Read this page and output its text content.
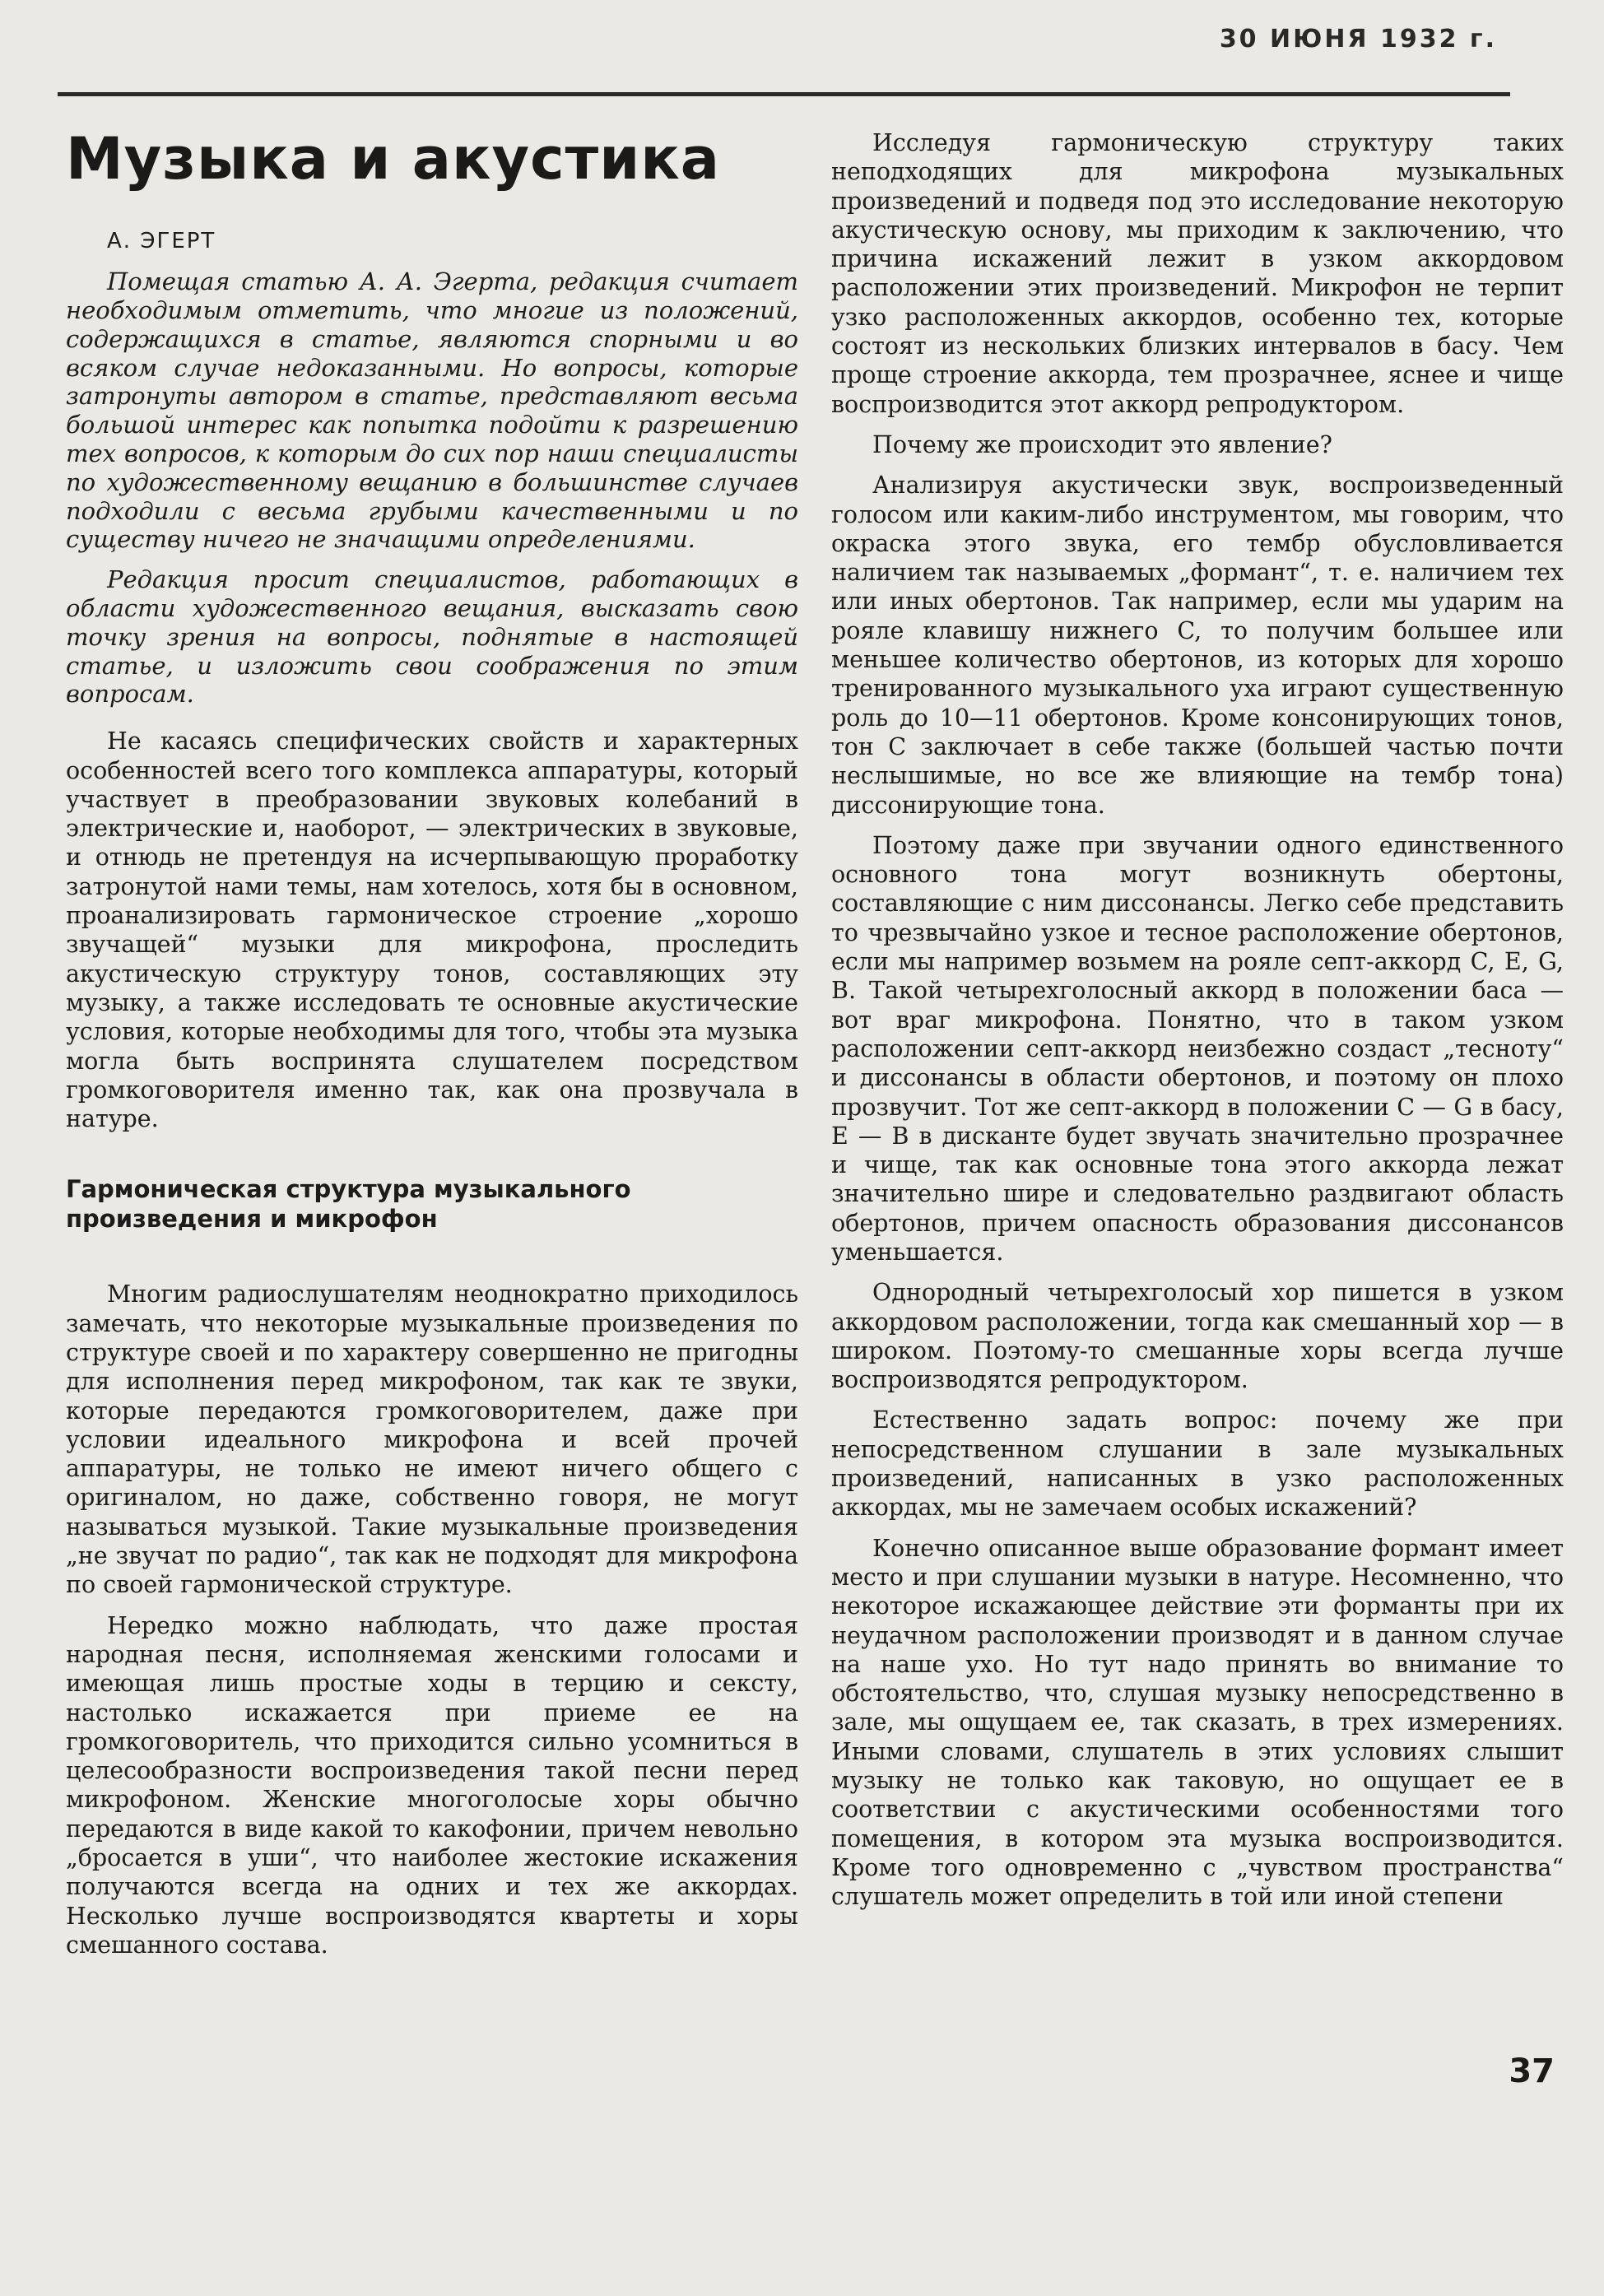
30 ИЮНЯ 1932 г.
Музыка и акустика

А. ЭГЕРТ

Помещая статью А. А. Эгерта, редакция считает необходимым отметить, что многие из положений, содержащихся в статье, являются спорными и во всяком случае недоказанными. Но вопросы, которые затронуты автором в статье, представляют весьма большой интерес как попытка подойти к разрешению тех вопросов, к которым до сих пор наши специалисты по художественному вещанию в большинстве случаев подходили с весьма грубыми качественными и по существу ничего не значащими определениями.

Редакция просит специалистов, работающих в области художественного вещания, высказать свою точку зрения на вопросы, поднятые в настоящей статье, и изложить свои соображения по этим вопросам.

Не касаясь специфических свойств и характерных особенностей всего того комплекса аппаратуры, который участвует в преобразовании звуковых колебаний в электрические и, наоборот, — электрических в звуковые, и отнюдь не претендуя на исчерпывающую проработку затронутой нами темы, нам хотелось, хотя бы в основном, проанализировать гармоническое строение „хорошо звучащей“ музыки для микрофона, проследить акустическую структуру тонов, составляющих эту музыку, а также исследовать те основные акустические условия, которые необходимы для того, чтобы эта музыка могла быть воспринята слушателем посредством громкоговорителя именно так, как она прозвучала в натуре.

Гармоническая структура музыкального произведения и микрофон

Многим радиослушателям неоднократно приходилось замечать, что некоторые музыкальные произведения по структуре своей и по характеру совершенно не пригодны для исполнения перед микрофоном, так как те звуки, которые передаются громкоговорителем, даже при условии идеального микрофона и всей прочей аппаратуры, не только не имеют ничего общего с оригиналом, но даже, собственно говоря, не могут называться музыкой. Такие музыкальные произведения „не звучат по радио“, так как не подходят для микрофона по своей гармонической структуре.

Нередко можно наблюдать, что даже простая народная песня, исполняемая женскими голосами и имеющая лишь простые ходы в терцию и сексту, настолько искажается при приеме ее на громкоговоритель, что приходится сильно усомниться в целесообразности воспроизведения такой песни перед микрофоном. Женские многоголосые хоры обычно передаются в виде какой то какофонии, причем невольно „бросается в уши“, что наиболее жестокие искажения получаются всегда на одних и тех же аккордах. Несколько лучше воспроизводятся квартеты и хоры смешанного состава.

Исследуя гармоническую структуру таких неподходящих для микрофона музыкальных произведений и подведя под это исследование некоторую акустическую основу, мы приходим к заключению, что причина искажений лежит в узком аккордовом расположении этих произведений. Микрофон не терпит узко расположенных аккордов, особенно тех, которые состоят из нескольких близких интервалов в басу. Чем проще строение аккорда, тем прозрачнее, яснее и чище воспроизводится этот аккорд репродуктором.

Почему же происходит это явление?

Анализируя акустически звук, воспроизведенный голосом или каким-либо инструментом, мы говорим, что окраска этого звука, его тембр обусловливается наличием так называемых „формант“, т. е. наличием тех или иных обертонов. Так например, если мы ударим на рояле клавишу нижнего C, то получим большее или меньшее количество обертонов, из которых для хорошо тренированного музыкального уха играют существенную роль до 10—11 обертонов. Кроме консонирующих тонов, тон C заключает в себе также (большей частью почти неслышимые, но все же влияющие на тембр тона) диссонирующие тона.

Поэтому даже при звучании одного единственного основного тона могут возникнуть обертоны, составляющие с ним диссонансы. Легко себе представить то чрезвычайно узкое и тесное расположение обертонов, если мы например возьмем на рояле септ-аккорд C, E, G, B. Такой четырехголосный аккорд в положении баса — вот враг микрофона. Понятно, что в таком узком расположении септ-аккорд неизбежно создаст „тесноту“ и диссонансы в области обертонов, и поэтому он плохо прозвучит. Тот же септ-аккорд в положении C — G в басу, E — B в дисканте будет звучать значительно прозрачнее и чище, так как основные тона этого аккорда лежат значительно шире и следовательно раздвигают область обертонов, причем опасность образования диссонансов уменьшается.

Однородный четырехголосый хор пишется в узком аккордовом расположении, тогда как смешанный хор — в широком. Поэтому-то смешанные хоры всегда лучше воспроизводятся репродуктором.

Естественно задать вопрос: почему же при непосредственном слушании в зале музыкальных произведений, написанных в узко расположенных аккордах, мы не замечаем особых искажений?

Конечно описанное выше образование формант имеет место и при слушании музыки в натуре. Несомненно, что некоторое искажающее действие эти форманты при их неудачном расположении производят и в данном случае на наше ухо. Но тут надо принять во внимание то обстоятельство, что, слушая музыку непосредственно в зале, мы ощущаем ее, так сказать, в трех измерениях. Иными словами, слушатель в этих условиях слышит музыку не только как таковую, но ощущает ее в соответствии с акустическими особенностями того помещения, в котором эта музыка воспроизводится. Кроме того одновременно с „чувством пространства“ слушатель может определить в той или иной степени

37
